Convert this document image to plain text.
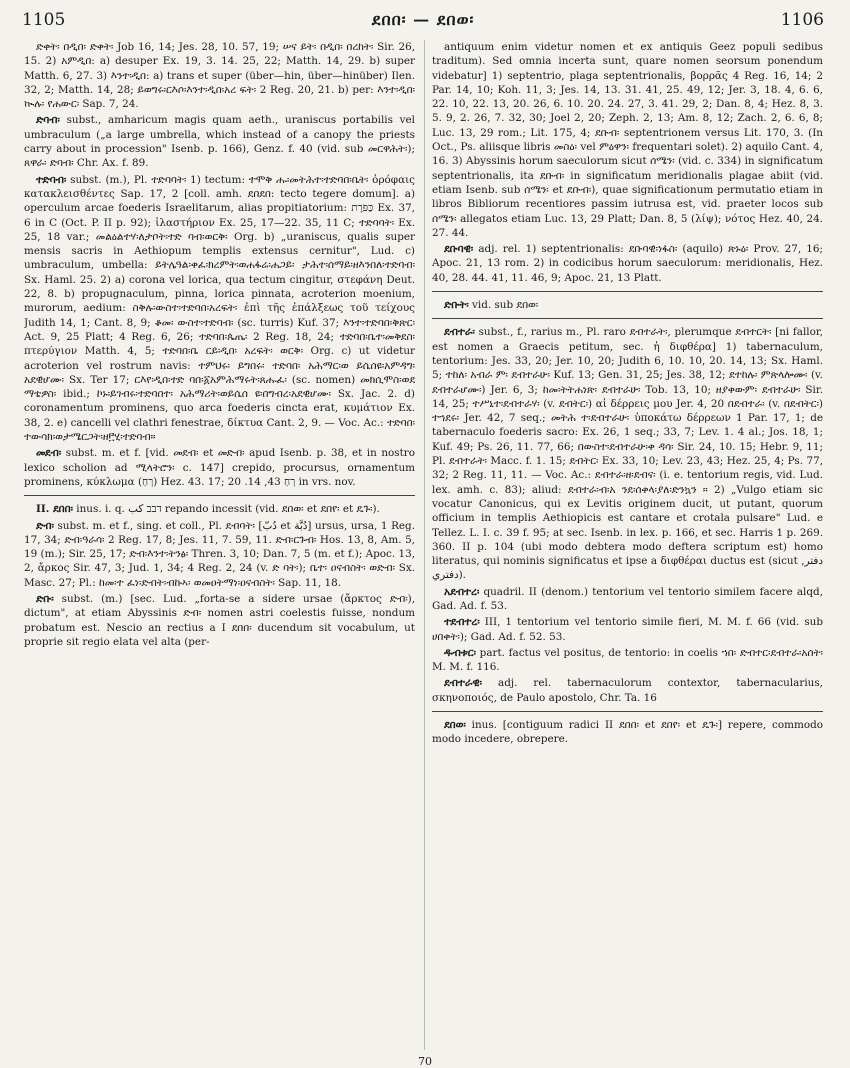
1105	ደበበ፡ — ደበወ፡	1106

ድቀት፡ በዲበ፡ ድቀት፡ Job 16, 14; Jes. 28, 10. 57, 19; ሠና ይት፡ በዲበ፡ በረከት፡ Sir. 26, 15. 2) አምዲበ: a) desuper Ex. 19, 3. 14. 25, 22; Matth. 14, 29. b) super Matth. 6, 27. 3) እንተ፡ዲበ: a) trans et super (über—hin, über—hinüber) Ilen. 32, 2; Matth. 14, 28; ይወግሩ፡ርእሶ፡እንተ፡ዲበ፡አረ ፍት፡ 2 Reg. 20, 21. b) per: እንተ፡ዲበ፡ ኲሉ፡ የሐውር፡ Sap. 7, 24.

ድባብ፡ subst., amharicum magis quam aeth., uraniscus portabilis vel umbraculum („a large umbrella, which instead of a canopy the priests carry about in procession" Isenb. p. 166), Genz. f. 40 (vid. sub መርዋሕት፡); ጸዋራ፡ ድባብ፡ Chr. Ax. f. 89.

ተድባብ፡ subst. (m.), Pl. ተድባባት፡ 1) tectum: ተሞቅ ሑ፡መትሕተ፡ተድባበ፡ቤት፡ ὀρόφαις κατακλεισθέντες Sap. 17, 2 [coll. amh. ደበደበ: tecto tegere domum]. a) operculum arcae foederis Israelitarum, alias propitiatorium: כַּפֹּרֶת Ex. 37, 6 in C (Oct. P. II p. 92); ἱλαστήριον Ex. 25, 17—22. 35, 11 C; ተድባባት፡ Ex. 25, 18 var.; መልዕልተሃ፡ለታቦት፡ተድ ባብ፡ወርቅ፡ Org. b) „uraniscus, qualis super mensis sacris in Aethiopum templis extensus cernitur", Lud. c) umbraculum, umbella: ይትሌዓል፡ቀፈ፡ክረምት፡ወሐፋሬ፡ሐጋይ፡ ታሕተ፡ሰማይ፡ዘእንበለ፡ተድባብ፡ Sx. Haml. 25. 2) a) corona vel lorica, qua tectum cingitur, στεφάνη Deut. 22, 8. b) propugnaculum, pinna, lorica pinnata, acroterion moenium, murorum, aedium: ስቅሉ፡ውስተ፡ተድባበ፡አረፍት፡ ἐπὶ τῆς ἐπάλξεως τοῦ τείχους Judith 14, 1; Cant. 8, 9; ቆመ፡ ውስተ፡ተድባብ፡ (sc. turris) Kuf. 37; እንተ፡ተድባበ፡ቅጽር፡ Act. 9, 25 Platt; 4 Reg. 6, 26; ተድባበ፡ጴጤ፡ 2 Reg. 18, 24; ተድባበ፡ቤተ፡መቅደስ፡ πτερύγιον Matth. 4, 5; ተድባበ፡ቤ ርይ፡ዲበ፡ አረፍት፡ ወርቅ፡ Org. c) ut videtur acroterion vel rostrum navis: ተምህሩ፡ ይግበሩ፡ ተድባበ፡ አሕማር፡ወ ይሴሰዩ፡አምዳግ፡አደዊሆሙ፡ Sx. Ter 17; ርእየ፡ዲበ፡ተድ ባበ፡፩አምሕማሩት፡ጸሑፈ፡ (sc. nomen) መክሲሞስ፡ወደ ማቴዎስ፡ ibid.; ኮኑ፡ይገብሩ፡ተድባበተ፡ አሕማሪት፡ወይሴሰ ዩ፡በግብረ፡አደዊሆሙ፡ Sx. Jac. 2. d) coronamentum prominens, quo arca foederis cincta erat, κυμάτιον Ex. 38, 2. e) cancelli vel clathri fenestrae, δίκτυα Cant. 2, 9. — Voc. Ac.: ተድባበ፡ተውሳክ፡ወታሜርጋት፡ዘ፫ሂ፡ተድባብ።

መደብ፡ subst. m. et f. [vid. መደብ፡ et መድብ፡ apud Isenb. p. 38, et in nostro lexico scholion ad ሚላትሮን፡ c. 147] crepido, procursus, ornamentum prominens, κύκλωμα (ךחַ) Hez. 43. 17; ךחַ 43, 14. 20 in vrs. nov.

II. ደበበ፡ inus. i. q. דבב كب repando incessit (vid. ደበወ፡ et ደበየ፡ et ዴጉ፡).

ድብ፡ subst. m. et f., sing. et coll., Pl. ደብባት፡ [دُبّ et دُبَّة] ursus, ursa, 1 Reg. 17, 34; ድብ፡ዓራሳ፡ 2 Reg. 17, 8; Jes. 11, 7. 59, 11. ድብ፡ርጉብ፡ Hos. 13, 8, Am. 5, 19 (m.); Sir. 25, 17; ድብ፡እንተ፡ትንፅ፡ Thren. 3, 10; Dan. 7, 5 (m. et f.); Apoc. 13, 2, ἄρκος Sir. 47, 3; Jud. 1, 34; 4 Reg. 2, 24 (v. ድ ባት፡); ቤተ፡ ዐናብስት፡ ወድብ፡ Sx. Masc. 27; Pl.: ከመ፡ተ ፈነ፡ድብት፡ብኩኣ፡ ወመዐትማነ፡ዐናብስት፡ Sap. 11, 18.

ድቡ፡ subst. (m.) [sec. Lud. „forta-se a sidere ursae (ἄρκτος ድብ፡), dictum", at etiam Abyssinis ድብ፡ nomen astri coelestis fuisse, nondum probatum est. Nescio an rectius a I ደበበ፡ ducendum sit vocabulum, ut proprie sit regio elata vel alta (per-

antiquum enim videtur nomen et ex antiquis Geez populi sedibus traditum). Sed omnia incerta sunt, quare nomen seorsum ponendum videbatur] 1) septentrio, plaga septentrionalis, βορρᾶς 4 Reg. 16, 14; 2 Par. 14, 10; Koh. 11, 3; Jes. 14, 13. 31. 41, 25. 49, 12; Jer. 3, 18. 4, 6. 6, 22. 10, 22. 13, 20. 26, 6. 10. 20. 24. 27, 3. 41. 29, 2; Dan. 8, 4; Hez. 8, 3. 5. 9, 2. 26, 7. 32, 30; Joel 2, 20; Zeph. 2, 13; Am. 8, 12; Zach. 2, 6. 6, 8; Luc. 13, 29 rom.; Lit. 175, 4; ደቡብ፡ septentrionem versus Lit. 170, 3. (In Oct., Ps. aliisque libris መስዕ፡ vel ምዕዋን፡ frequentari solet). 2) aquilo Cant. 4, 16. 3) Abyssinis horum saeculorum sicut ሰሜን፡ (vid. c. 334) in significatum septentrionalis, ita ደቡብ፡ in significatum meridionalis plagae abiit (vid. etiam Isenb. sub ሰሜን፡ et ደቡብ፡), quae significationum permutatio etiam in libros Bibliorum recentiores passim iutrusa est, vid. praeter locos sub ሰሜን፡ allegatos etiam Luc. 13, 29 Platt; Dan. 8, 5 (λίψ); νότος Hez. 40, 24. 27. 44.

ደቡባዊ፡ adj. rel. 1) septentrionalis: ደቡባዊ፡ነፋስ፡ (aquilo) ጽኑዕ፡ Prov. 27, 16; Apoc. 21, 13 rom. 2) in codicibus horum saeculorum: meridionalis, Hez. 40, 28. 44. 41, 11. 46, 9; Apoc. 21, 13 Platt.

ድቡት፡ vid. sub ደበወ፡

ደብተራ፡ subst., f., rarius m., Pl. raro ደብተራት፡, plerumque ደብተርት፡ [ni fallor, est nomen a Graecis petitum, sec. ἡ διφθέρα] 1) tabernaculum, tentorium: Jes. 33, 20; Jer. 10, 20; Judith 6, 10. 10, 20. 14, 13; Sx. Haml. 5; ተከለ፡ አብራ ም፡ ደብተራሁ፡ Kuf. 13; Gen. 31, 25; Jes. 38, 12; ደተከሉ፡ ምጽላሎሙ፡ (v. ደብተራሆሙ፡) Jer. 6, 3; ከመ፡ትትሐነጽ፡ ደብተራሁ፡ Tob. 13, 10; ዘያቀውም፡ ደብተራሁ፡ Sir. 14, 25; ተሥኒተ፡ደብተራሃ፡ (v. ደብትር፡) αἱ δέρρεις μου Jer. 4, 20 በደብተራ፡ (v. በደብትር፡) ተኀደሩ፡ Jer. 42, 7 seq.; መትሕ ተ፡ደብተራሁ፡ ὑποκάτω δέρρεων 1 Par. 17, 1; de tabernaculo foederis sacro: Ex. 26, 1 seq.; 33, 7; Lev. 1. 4 al.; Jos. 18, 1; Kuf. 49; Ps. 26, 11. 77, 66; በውስተ፡ደብተራሁ፡ቀ ዳሳ፡ Sir. 24, 10. 15; Hebr. 9, 11; Pl. ደብተራት፡ Macc. f. 1. 15; ደብትር፡ Ex. 33, 10; Lev. 23, 43; Hez. 25, 4; Ps. 77, 32; 2 Reg. 11, 11. — Voc. Ac.: ደብተራ፡ዘ፡ደብና፡ (i. e. tentorium regis, vid. Lud. lex. amh. c. 83); aliud: ደብተራ፡ብ፡አ ንደ፡ሰቀላ፡ያለ፡ድንኳን ። 2) „Vulgo etiam sic vocatur Canonicus, qui ex Levitis originem ducit, ut putant, quorum officium in templis Aethiopicis est cantare et crotala pulsare" Lud. e Tellez. L. I. c. 39 f. 95; at sec. Isenb. in lex. p. 166, et sec. Harris 1 p. 269. 360. II p. 104 (ubi modo debtera modo deftera scriptum est) homo literatus, qui nominis significatus et ipse a διφθέραι ductus est (sicut دفتر, دفتري).

አደብተረ፡ quadril. II (denom.) tentorium vel tentorio similem facere alqd, Gad. Ad. f. 53.

ተደብተረ፡ III, 1 tentorium vel tentorio simile fieri, M. M. f. 66 (vid. sub ሀበቀት፡); Gad. Ad. f. 52. 53.

ዱብቱር፡ part. factus vel positus, de tentorio: in coelis ኀበ፡ ድብተር፡ደብተራ፡አሰት፡ M. M. f. 116.

ደብተራዊ፡ adj. rel. tabernaculorum contextor, tabernacularius, σκηνοποιός, de Paulo apostolo, Chr. Ta. 16

ደበወ፡ inus. [contiguum radici II ደበበ፡ et ደበየ፡ et ዴጉ፡] repere, commodo modo incedere, obrepere.

70
